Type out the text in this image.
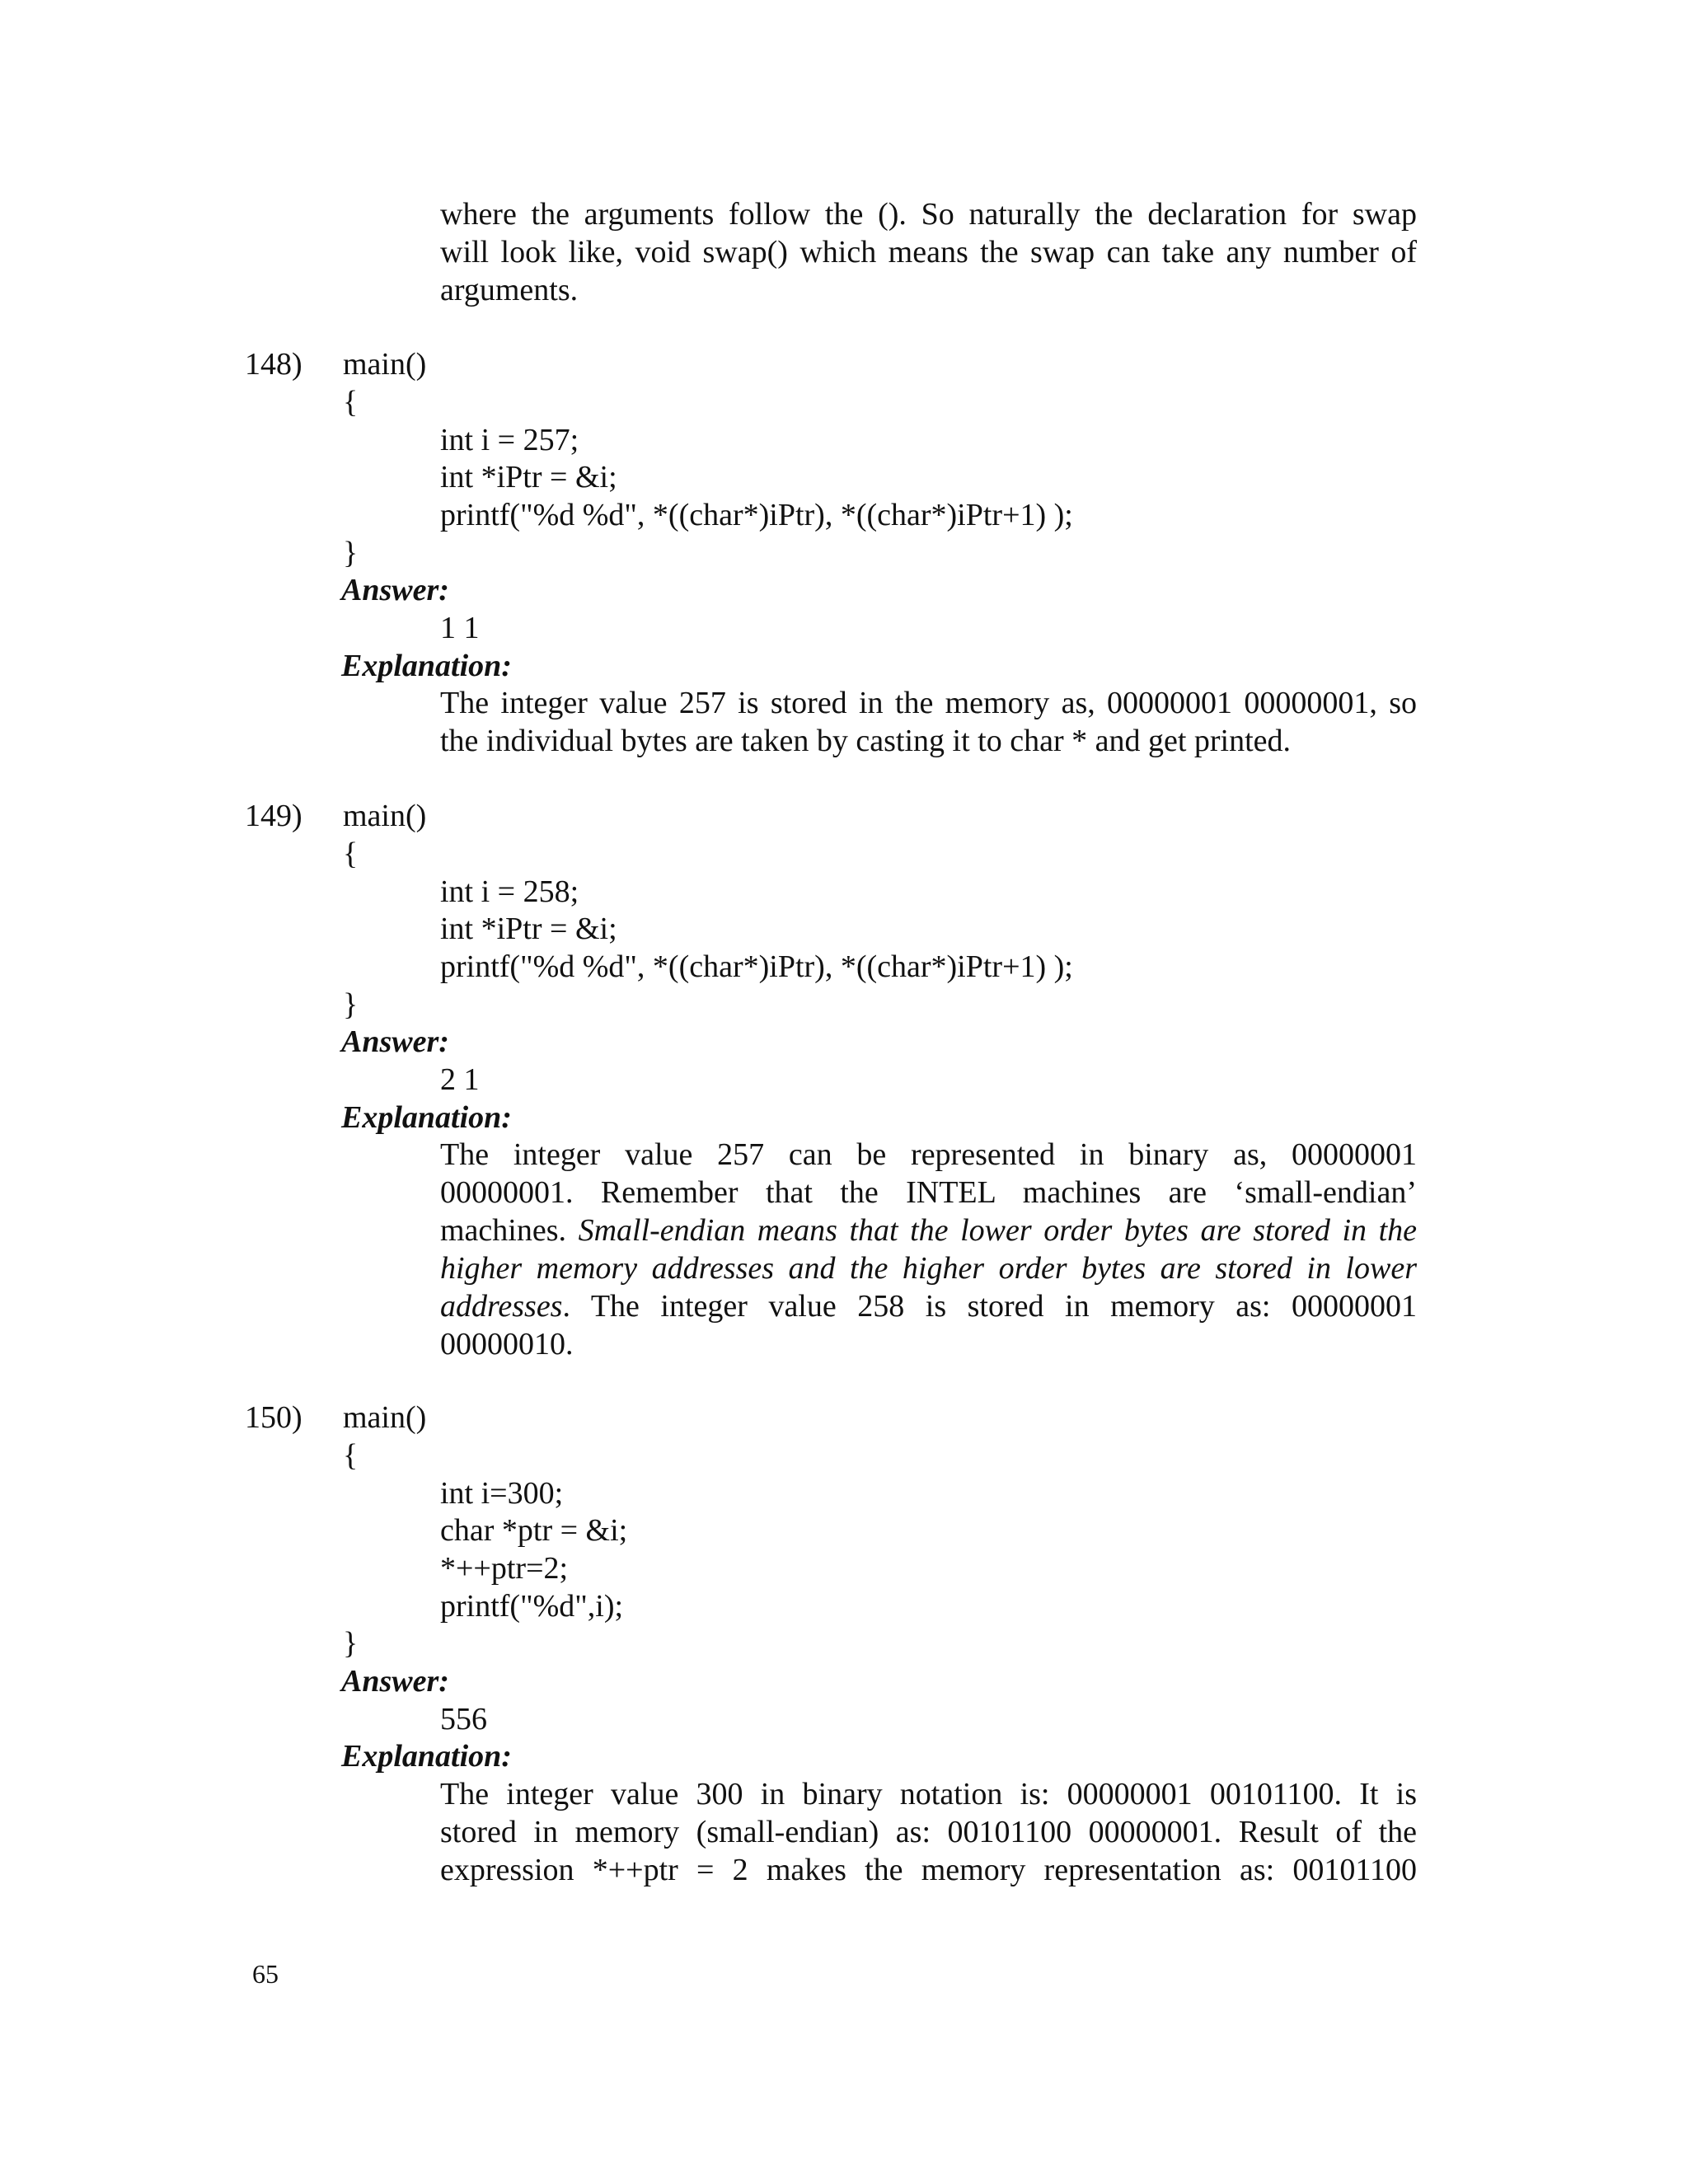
where the arguments follow the (). So naturally the declaration for swap
will look like, void swap() which means the swap can take any number of
arguments.
148) main()
{
int i = 257;
int *iPtr = &i;
printf("%d %d", *((char*)iPtr), *((char*)iPtr+1) );
}
Answer:
1 1
Explanation:
The integer value 257 is stored in the memory as, 00000001 00000001, so
the individual bytes are taken by casting it to char * and get printed.
149) main()
{
int i = 258;
int *iPtr = &i;
printf("%d %d", *((char*)iPtr), *((char*)iPtr+1) );
}
Answer:
2 1
Explanation:
The integer value 257 can be represented in binary as, 00000001
00000001. Remember that the INTEL machines are ‘small-endian’
machines. Small-endian means that the lower order bytes are stored in the
higher memory addresses and the higher order bytes are stored in lower
addresses. The integer value 258 is stored in memory as: 00000001
00000010.
150) main()
{
int i=300;
char *ptr = &i;
*++ptr=2;
printf("%d",i);
}
Answer:
556
Explanation:
The integer value 300 in binary notation is: 00000001 00101100. It is
stored in memory (small-endian) as: 00101100 00000001. Result of the
expression *++ptr = 2 makes the memory representation as: 00101100
65
